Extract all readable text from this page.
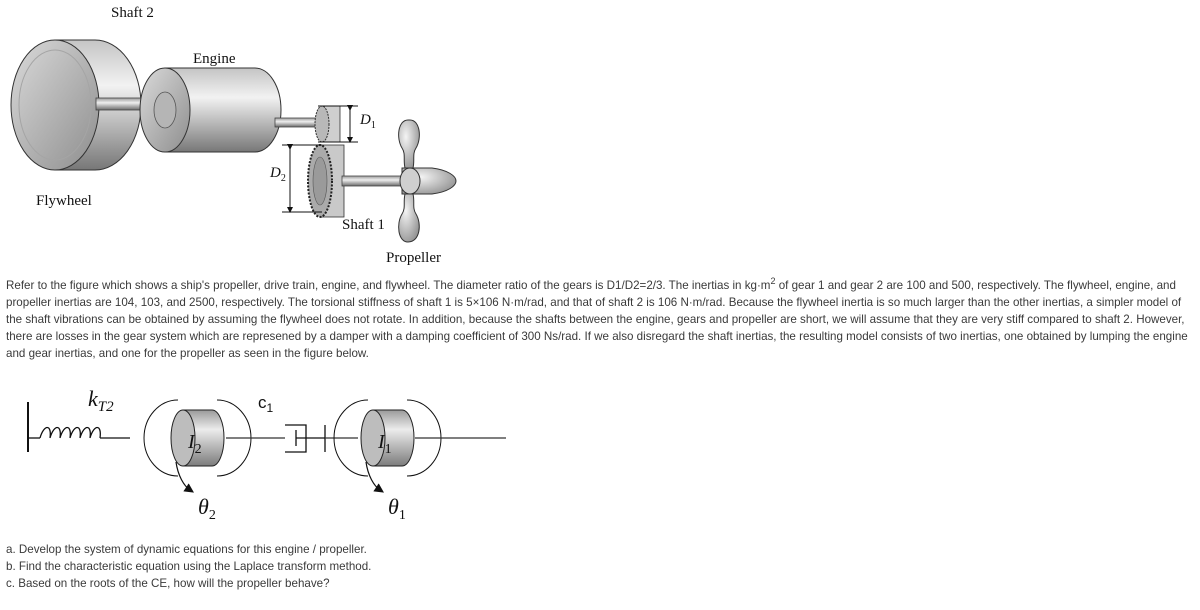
Shaft 2
Engine
Flywheel
$D_1$
$D_2$
Shaft 1
Propeller

Refer to the figure which shows a ship's propeller, drive train, engine, and flywheel. The diameter ratio of the gears is D1/D2=2/3. The inertias in $kg\cdot m^2$ of gear 1 and gear 2 are 100 and 500, respectively. The flywheel, engine, and propeller inertias are 104, 103, and 2500, respectively. The torsional stiffness of shaft 1 is 5×106 N·m/rad, and that of shaft 2 is 106 N·m/rad. Because the flywheel inertia is so much larger than the other inertias, a simpler model of the shaft vibrations can be obtained by assuming the flywheel does not rotate. In addition, because the shafts between the engine, gears and propeller are short, we will assume that they are very stiff compared to shaft 2. However, there are losses in the gear system which are represened by a damper with a damping coefficient of 300 Ns/rad. If we also disregard the shaft inertias, the resulting model consists of two inertias, one obtained by lumping the engine and gear inertias, and one for the propeller as seen in the figure below.

$k_{T2}$	$c_1$
$I_2$	$I_1$
$\theta_2$	$\theta_1$
a. Develop the system of dynamic equations for this engine / propeller.
b. Find the characteristic equation using the Laplace transform method.
c. Based on the roots of the CE, how will the propeller behave?
